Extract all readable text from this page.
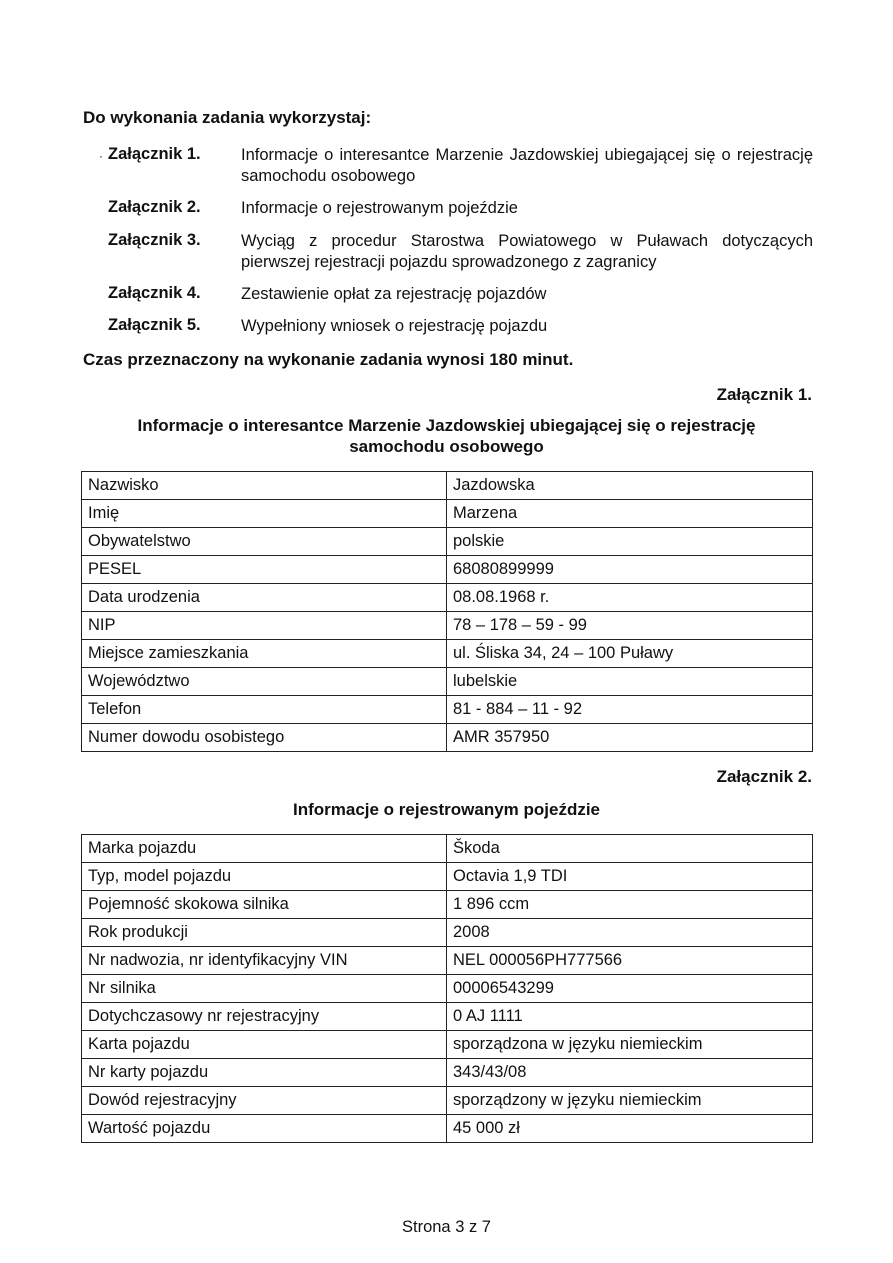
Do wykonania zadania wykorzystaj:
· Załącznik 1. Informacje o interesantce Marzenie Jazdowskiej ubiegającej się o rejestrację samochodu osobowego
Załącznik 2. Informacje o rejestrowanym pojeździe
Załącznik 3. Wyciąg z procedur Starostwa Powiatowego w Puławach dotyczących pierwszej rejestracji pojazdu sprowadzonego z zagranicy
Załącznik 4. Zestawienie opłat za rejestrację pojazdów
Załącznik 5. Wypełniony wniosek o rejestrację pojazdu
Czas przeznaczony na wykonanie zadania wynosi 180 minut.
Załącznik 1.
Informacje o interesantce Marzenie Jazdowskiej ubiegającej się o rejestrację
samochodu osobowego
Nazwisko	Jazdowska
Imię	Marzena
Obywatelstwo	polskie
PESEL	68080899999
Data urodzenia	08.08.1968 r.
NIP	78 – 178 – 59 - 99
Miejsce zamieszkania	ul. Śliska 34, 24 – 100 Puławy
Województwo	lubelskie
Telefon	81 - 884 – 11 - 92
Numer dowodu osobistego	AMR 357950
Załącznik 2.
Informacje o rejestrowanym pojeździe
Marka pojazdu	Škoda
Typ, model pojazdu	Octavia 1,9 TDI
Pojemność skokowa silnika	1 896 ccm
Rok produkcji	2008
Nr nadwozia, nr identyfikacyjny VIN	NEL 000056PH777566
Nr silnika	00006543299
Dotychczasowy nr rejestracyjny	0 AJ 1111
Karta pojazdu	sporządzona w języku niemieckim
Nr karty pojazdu	343/43/08
Dowód rejestracyjny	sporządzony w języku niemieckim
Wartość pojazdu	45 000 zł
Strona 3 z 7
